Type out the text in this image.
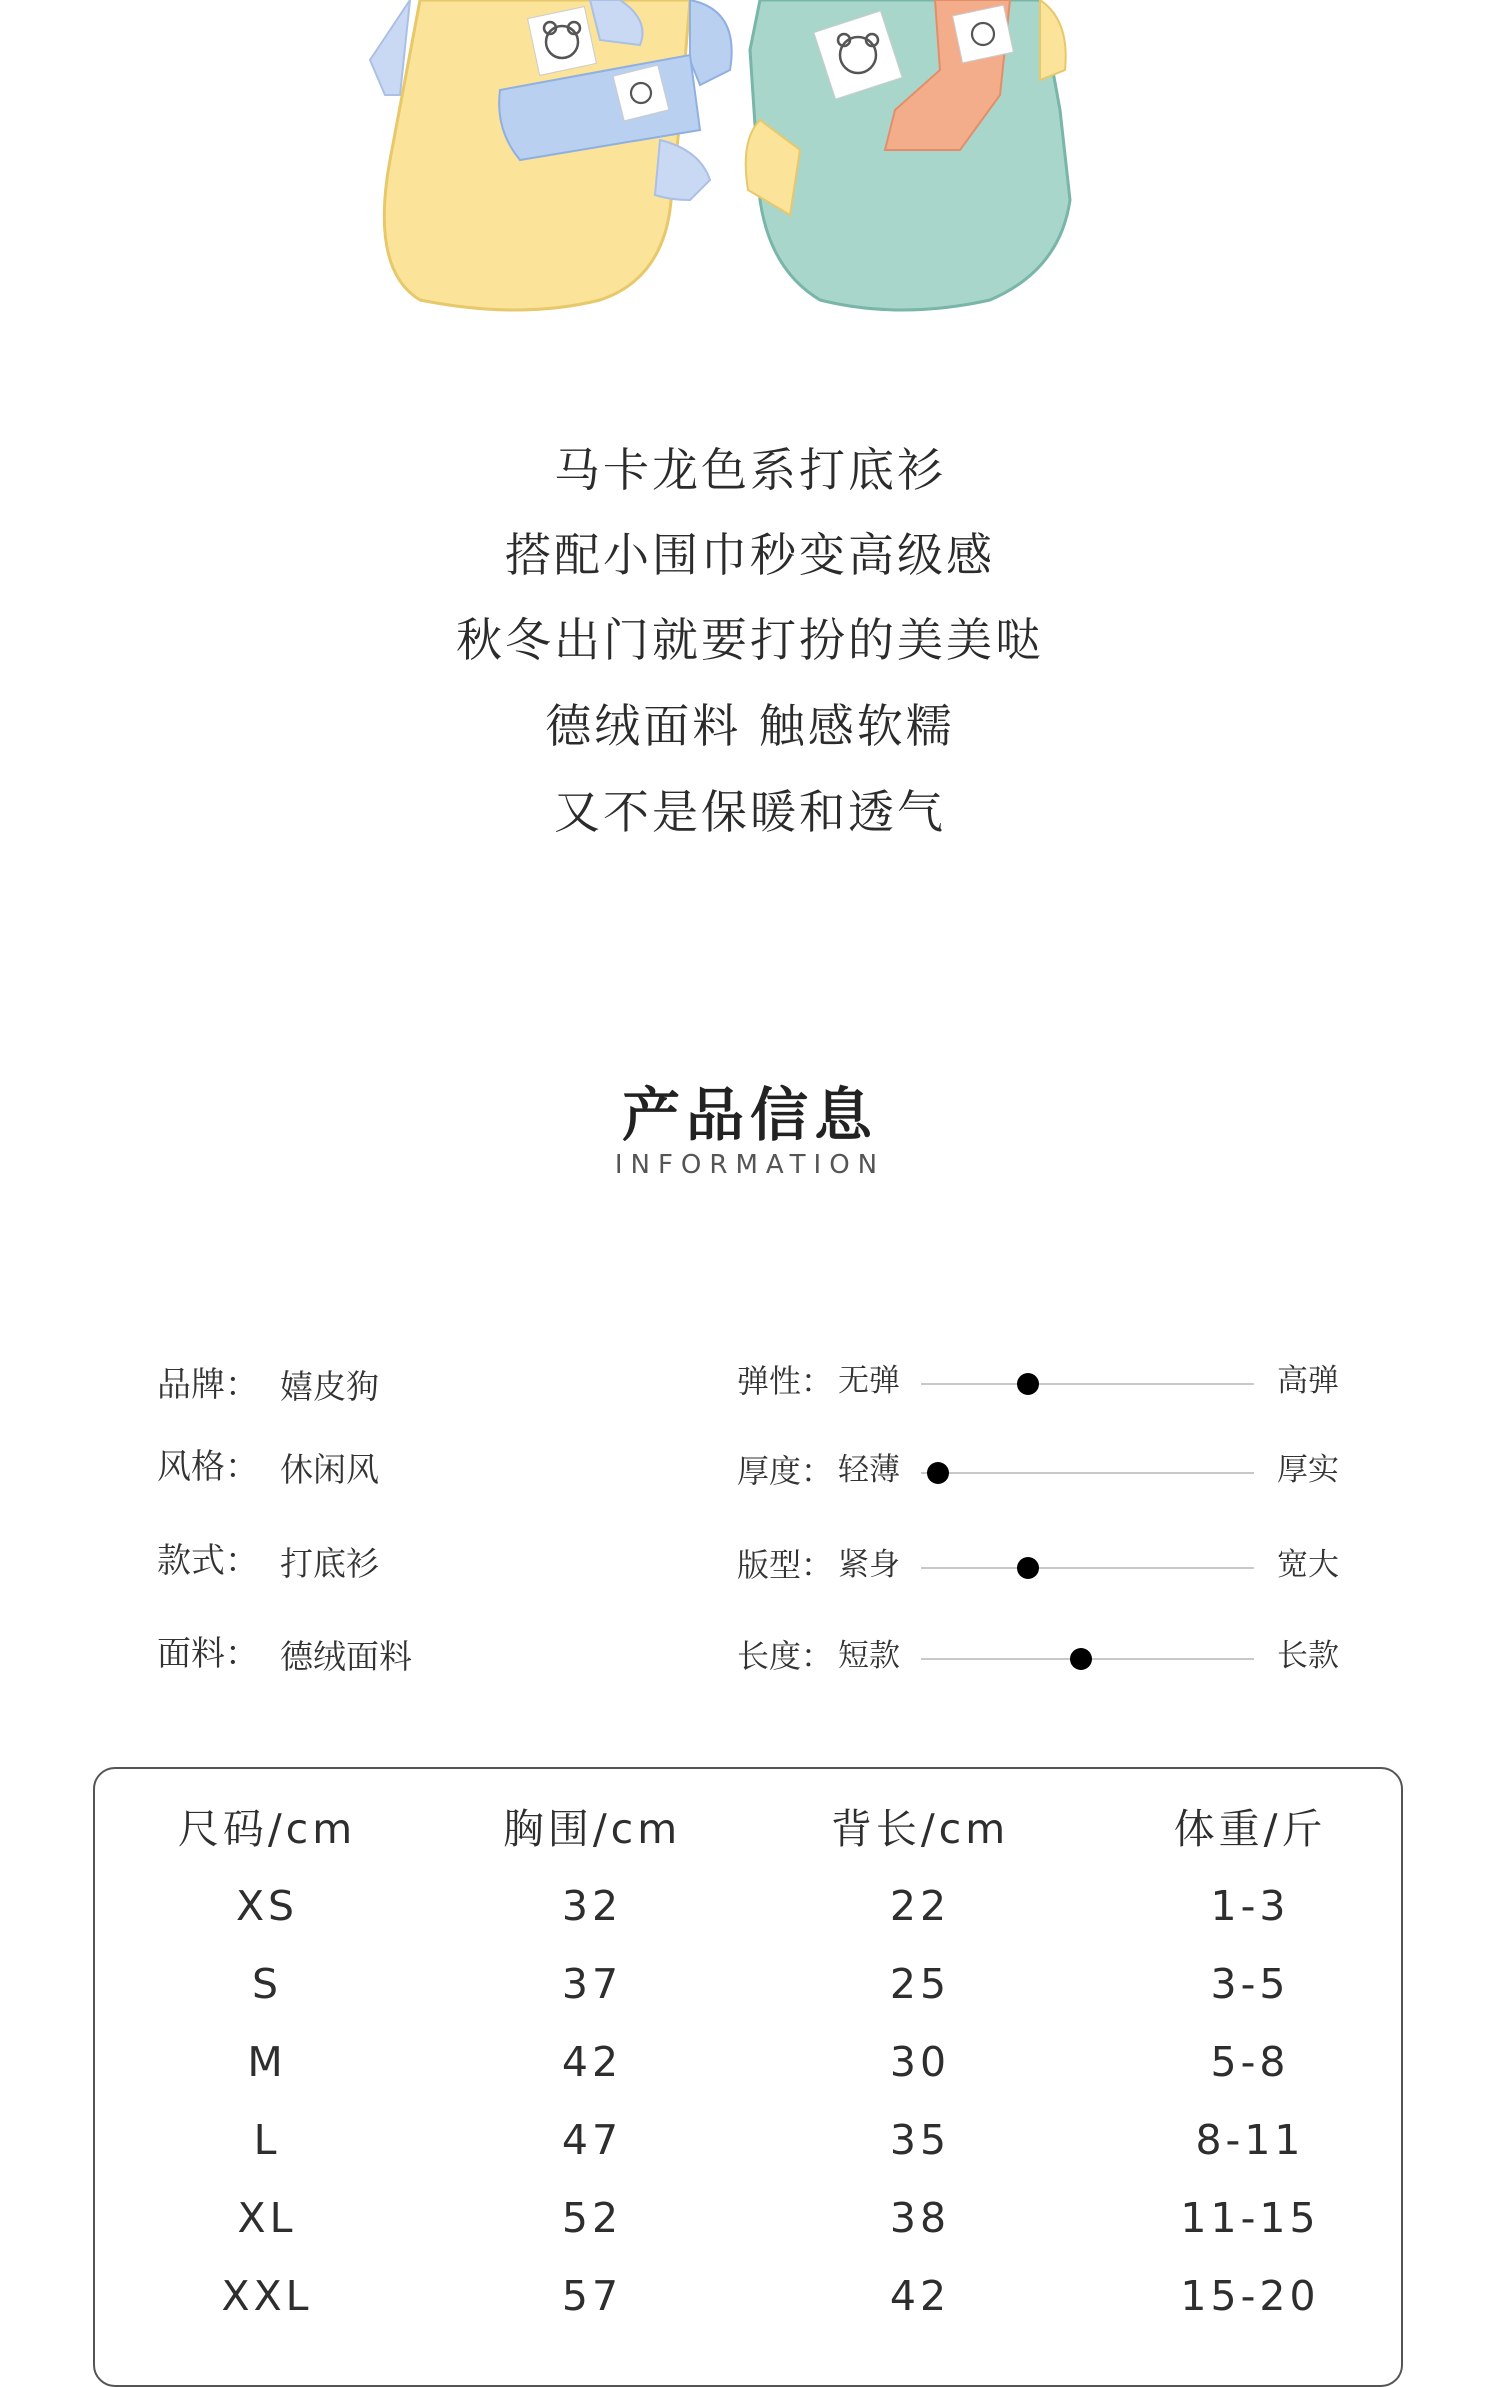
马卡龙色系打底衫
搭配小围巾秒变高级感
秋冬出门就要打扮的美美哒
德绒面料 触感软糯
又不是保暖和透气
产品信息
INFORMATION
品牌： 嬉皮狗
风格： 休闲风
款式： 打底衫
面料： 德绒面料
弹性： 无弹	高弹
厚度： 轻薄	厚实
版型： 紧身	宽大
长度： 短款	长款
尺码/cm	胸围/cm	背长/cm	体重/斤
XS	32	22	1-3
S	37	25	3-5
M	42	30	5-8
L	47	35	8-11
XL	52	38	11-15
XXL	57	42	15-20
